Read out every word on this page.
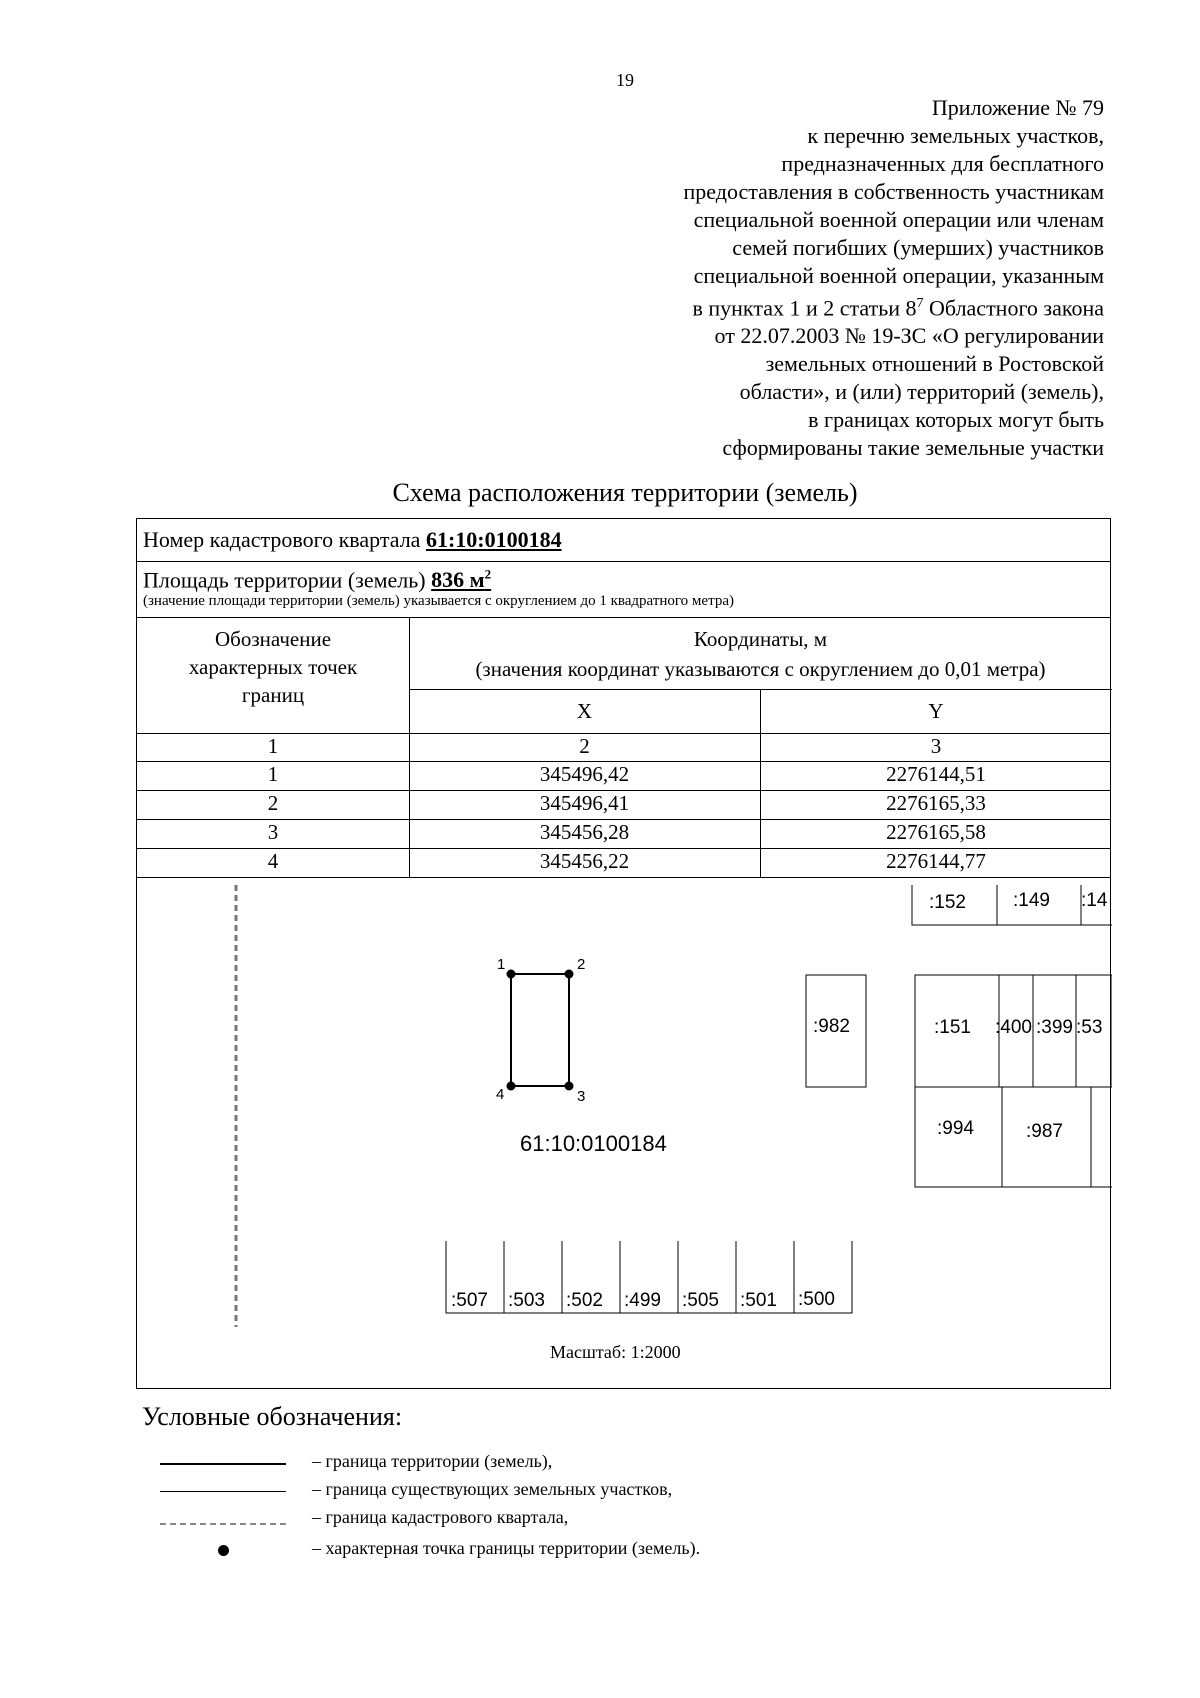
19
Приложение № 79
к перечню земельных участков,
предназначенных для бесплатного
предоставления в собственность участникам
специальной военной операции или членам
семей погибших (умерших) участников
специальной военной операции, указанным
в пунктах 1 и 2 статьи $8^7$ Областного закона
от 22.07.2003 № 19-ЗС «О регулировании
земельных отношений в Ростовской
области», и (или) территорий (земель),
в границах которых могут быть
сформированы такие земельные участки
Схема расположения территории (земель)
Номер кадастрового квартала 61:10:0100184
Площадь территории (земель) 836 $м^2$
(значение площади территории (земель) указывается с округлением до 1 квадратного метра)
Обозначение
характерных точек
границ
Координаты, м
(значения координат указываются с округлением до 0,01 метра)
X	Y
1	2	3
1	345496,42	2276144,51
2	345496,41	2276165,33
3	345456,28	2276165,58
4	345456,22	2276144,77
1	2
3
4
61:10:0100184
:152 :149 :14
:982	:151 :400 :399 :53
:994	:987
:507 :503 :502 :499 :505 :501 :500
Масштаб: 1:2000
Условные обозначения:
– граница территории (земель),
– граница существующих земельных участков,
– граница кадастрового квартала,
– характерная точка границы территории (земель).
